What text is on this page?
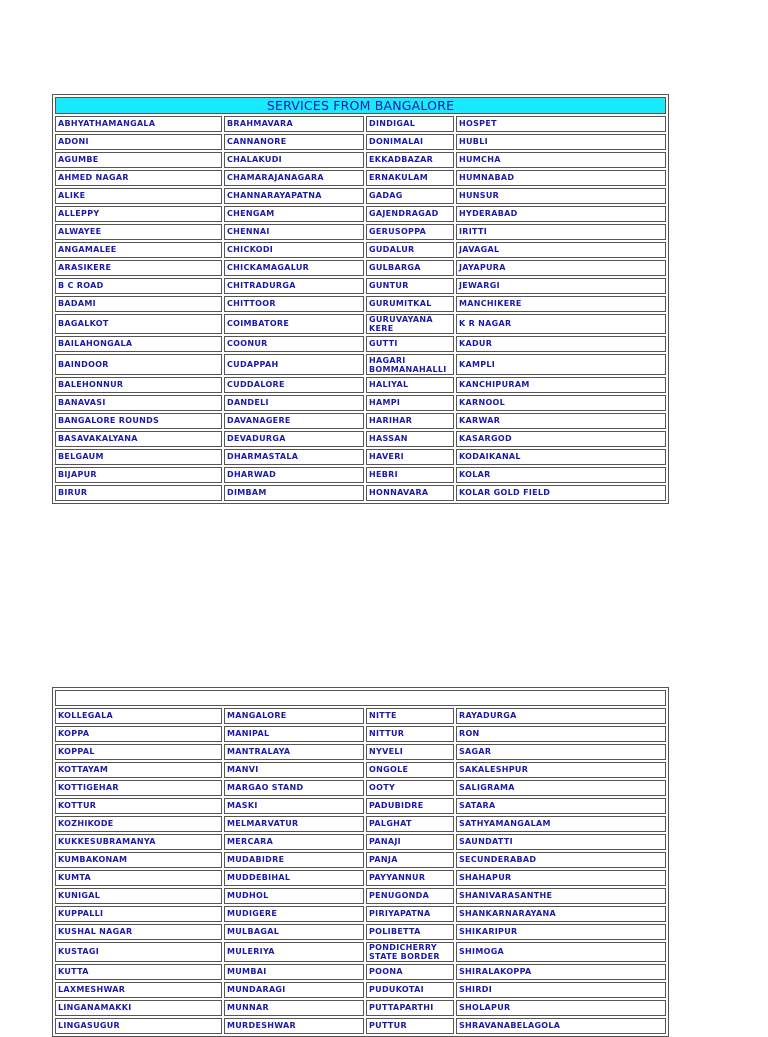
SERVICES FROM BANGALORE			
ABHYATHAMANGALA	BRAHMAVARA	DINDIGAL	HOSPET
ADONI	CANNANORE	DONIMALAI	HUBLI
AGUMBE	CHALAKUDI	EKKADBAZAR	HUMCHA
AHMED NAGAR	CHAMARAJANAGARA	ERNAKULAM	HUMNABAD
ALIKE	CHANNARAYAPATNA	GADAG	HUNSUR
ALLEPPY	CHENGAM	GAJENDRAGAD	HYDERABAD
ALWAYEE	CHENNAI	GERUSOPPA	IRITTI
ANGAMALEE	CHICKODI	GUDALUR	JAVAGAL
ARASIKERE	CHICKAMAGALUR	GULBARGA	JAYAPURA
B C ROAD	CHITRADURGA	GUNTUR	JEWARGI
BADAMI	CHITTOOR	GURUMITKAL	MANCHIKERE
BAGALKOT	COIMBATORE	GURUVAYANA KERE	K R NAGAR
BAILAHONGALA	COONUR	GUTTI	KADUR
BAINDOOR	CUDAPPAH	HAGARI BOMMANAHALLI	KAMPLI
BALEHONNUR	CUDDALORE	HALIYAL	KANCHIPURAM
BANAVASI	DANDELI	HAMPI	KARNOOL
BANGALORE ROUNDS	DAVANAGERE	HARIHAR	KARWAR
BASAVAKALYANA	DEVADURGA	HASSAN	KASARGOD
BELGAUM	DHARMASTALA	HAVERI	KODAIKANAL
BIJAPUR	DHARWAD	HEBRI	KOLAR
BIRUR	DIMBAM	HONNAVARA	KOLAR GOLD FIELD

KOLLEGALA	MANGALORE	NITTE	RAYADURGA
KOPPA	MANIPAL	NITTUR	RON
KOPPAL	MANTRALAYA	NYVELI	SAGAR
KOTTAYAM	MANVI	ONGOLE	SAKALESHPUR
KOTTIGEHAR	MARGAO STAND	OOTY	SALIGRAMA
KOTTUR	MASKI	PADUBIDRE	SATARA
KOZHIKODE	MELMARVATUR	PALGHAT	SATHYAMANGALAM
KUKKESUBRAMANYA	MERCARA	PANAJI	SAUNDATTI
KUMBAKONAM	MUDABIDRE	PANJA	SECUNDERABAD
KUMTA	MUDDEBIHAL	PAYYANNUR	SHAHAPUR
KUNIGAL	MUDHOL	PENUGONDA	SHANIVARASANTHE
KUPPALLI	MUDIGERE	PIRIYAPATNA	SHANKARNARAYANA
KUSHAL NAGAR	MULBAGAL	POLIBETTA	SHIKARIPUR
KUSTAGI	MULERIYA	PONDICHERRY STATE BORDER	SHIMOGA
KUTTA	MUMBAI	POONA	SHIRALAKOPPA
LAXMESHWAR	MUNDARAGI	PUDUKOTAI	SHIRDI
LINGANAMAKKI	MUNNAR	PUTTAPARTHI	SHOLAPUR
LINGASUGUR	MURDESHWAR	PUTTUR	SHRAVANABELAGOLA
